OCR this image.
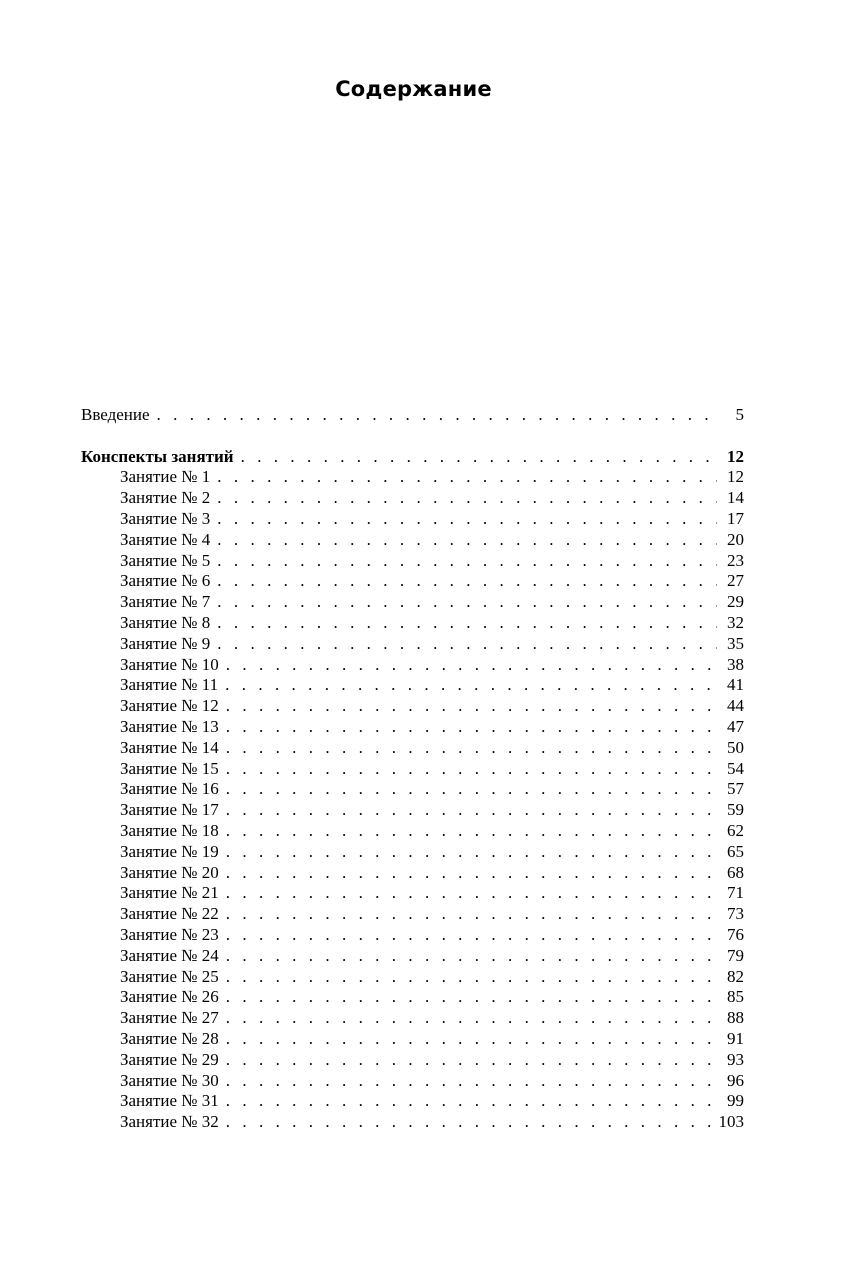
Содержание
Введение . . .	5
Конспекты занятий . . .	12
Занятие № 1 . . .	12
Занятие № 2 . . .	14
Занятие № 3 . . .	17
Занятие № 4 . . .	20
Занятие № 5 . . .	23
Занятие № 6 . . .	27
Занятие № 7 . . .	29
Занятие № 8 . . .	32
Занятие № 9 . . .	35
Занятие № 10 . . .	38
Занятие № 11 . . .	41
Занятие № 12 . . .	44
Занятие № 13 . . .	47
Занятие № 14 . . .	50
Занятие № 15 . . .	54
Занятие № 16 . . .	57
Занятие № 17 . . .	59
Занятие № 18 . . .	62
Занятие № 19 . . .	65
Занятие № 20 . . .	68
Занятие № 21 . . .	71
Занятие № 22 . . .	73
Занятие № 23 . . .	76
Занятие № 24 . . .	79
Занятие № 25 . . .	82
Занятие № 26 . . .	85
Занятие № 27 . . .	88
Занятие № 28 . . .	91
Занятие № 29 . . .	93
Занятие № 30 . . .	96
Занятие № 31 . . .	99
Занятие № 32 . . .	103
